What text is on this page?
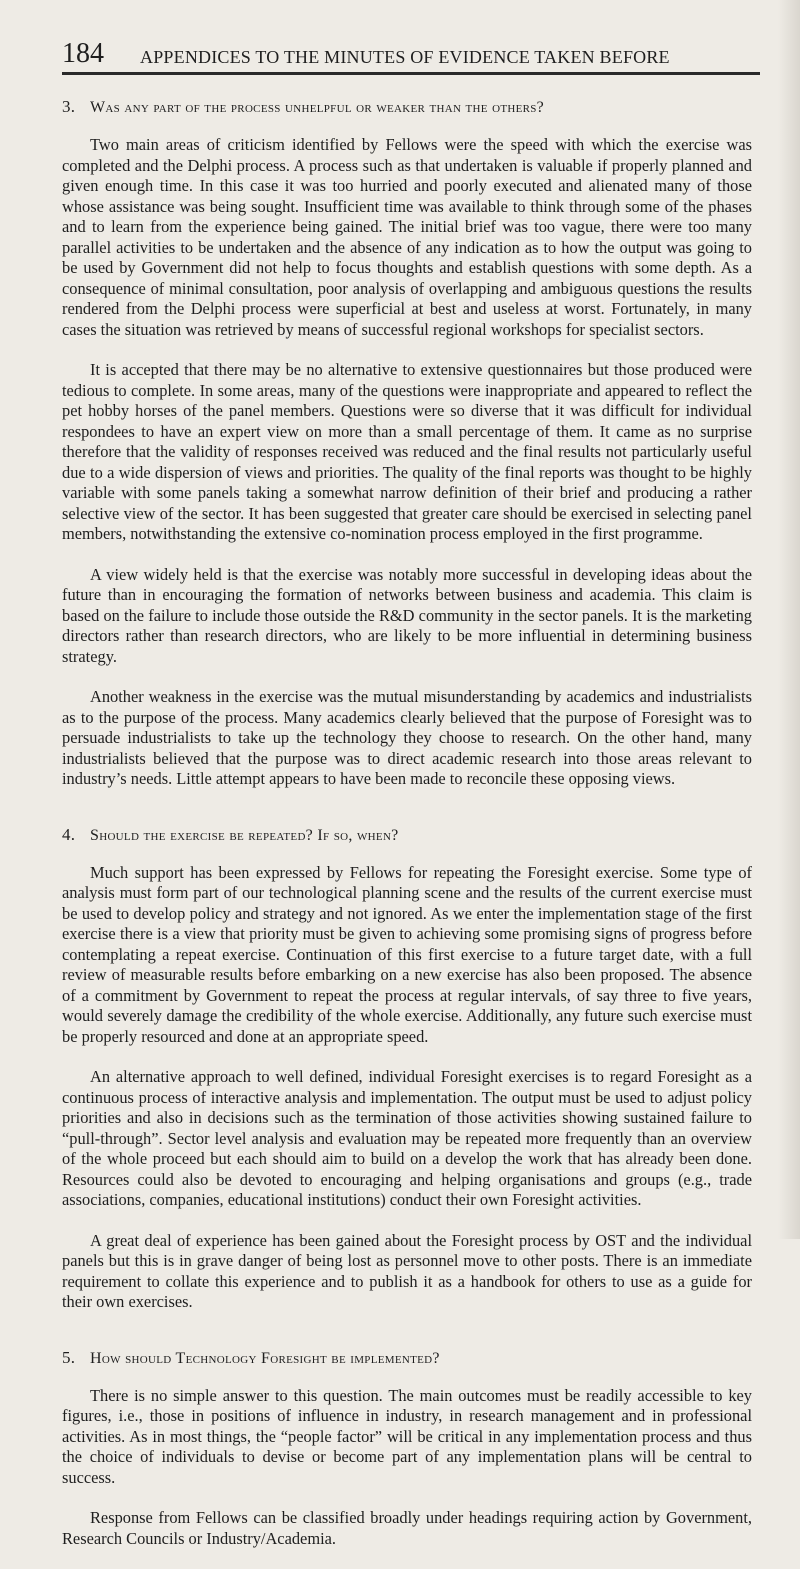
184	APPENDICES TO THE MINUTES OF EVIDENCE TAKEN BEFORE
3. Was any part of the process unhelpful or weaker than the others?

Two main areas of criticism identified by Fellows were the speed with which the exercise was completed and the Delphi process. A process such as that undertaken is valuable if properly planned and given enough time. In this case it was too hurried and poorly executed and alienated many of those whose assistance was being sought. Insufficient time was available to think through some of the phases and to learn from the experience being gained. The initial brief was too vague, there were too many parallel activities to be undertaken and the absence of any indication as to how the output was going to be used by Government did not help to focus thoughts and establish questions with some depth. As a consequence of minimal consultation, poor analysis of overlapping and ambiguous questions the results rendered from the Delphi process were superficial at best and useless at worst. Fortunately, in many cases the situation was retrieved by means of successful regional workshops for specialist sectors.

It is accepted that there may be no alternative to extensive questionnaires but those produced were tedious to complete. In some areas, many of the questions were inappropriate and appeared to reflect the pet hobby horses of the panel members. Questions were so diverse that it was difficult for individual respondees to have an expert view on more than a small percentage of them. It came as no surprise therefore that the validity of responses received was reduced and the final results not particularly useful due to a wide dispersion of views and priorities. The quality of the final reports was thought to be highly variable with some panels taking a somewhat narrow definition of their brief and producing a rather selective view of the sector. It has been suggested that greater care should be exercised in selecting panel members, notwithstanding the extensive co-nomination process employed in the first programme.

A view widely held is that the exercise was notably more successful in developing ideas about the future than in encouraging the formation of networks between business and academia. This claim is based on the failure to include those outside the R&D community in the sector panels. It is the marketing directors rather than research directors, who are likely to be more influential in determining business strategy.

Another weakness in the exercise was the mutual misunderstanding by academics and industrialists as to the purpose of the process. Many academics clearly believed that the purpose of Foresight was to persuade industrialists to take up the technology they choose to research. On the other hand, many industrialists believed that the purpose was to direct academic research into those areas relevant to industry’s needs. Little attempt appears to have been made to reconcile these opposing views.

4. Should the exercise be repeated? If so, when?

Much support has been expressed by Fellows for repeating the Foresight exercise. Some type of analysis must form part of our technological planning scene and the results of the current exercise must be used to develop policy and strategy and not ignored. As we enter the implementation stage of the first exercise there is a view that priority must be given to achieving some promising signs of progress before contemplating a repeat exercise. Continuation of this first exercise to a future target date, with a full review of measurable results before embarking on a new exercise has also been proposed. The absence of a commitment by Government to repeat the process at regular intervals, of say three to five years, would severely damage the credibility of the whole exercise. Additionally, any future such exercise must be properly resourced and done at an appropriate speed.

An alternative approach to well defined, individual Foresight exercises is to regard Foresight as a continuous process of interactive analysis and implementation. The output must be used to adjust policy priorities and also in decisions such as the termination of those activities showing sustained failure to “pull-through”. Sector level analysis and evaluation may be repeated more frequently than an overview of the whole proceed but each should aim to build on a develop the work that has already been done. Resources could also be devoted to encouraging and helping organisations and groups (e.g., trade associations, companies, educational institutions) conduct their own Foresight activities.

A great deal of experience has been gained about the Foresight process by OST and the individual panels but this is in grave danger of being lost as personnel move to other posts. There is an immediate requirement to collate this experience and to publish it as a handbook for others to use as a guide for their own exercises.

5. How should Technology Foresight be implemented?

There is no simple answer to this question. The main outcomes must be readily accessible to key figures, i.e., those in positions of influence in industry, in research management and in professional activities. As in most things, the “people factor” will be critical in any implementation process and thus the choice of individuals to devise or become part of any implementation plans will be central to success.

Response from Fellows can be classified broadly under headings requiring action by Government, Research Councils or Industry/Academia.
